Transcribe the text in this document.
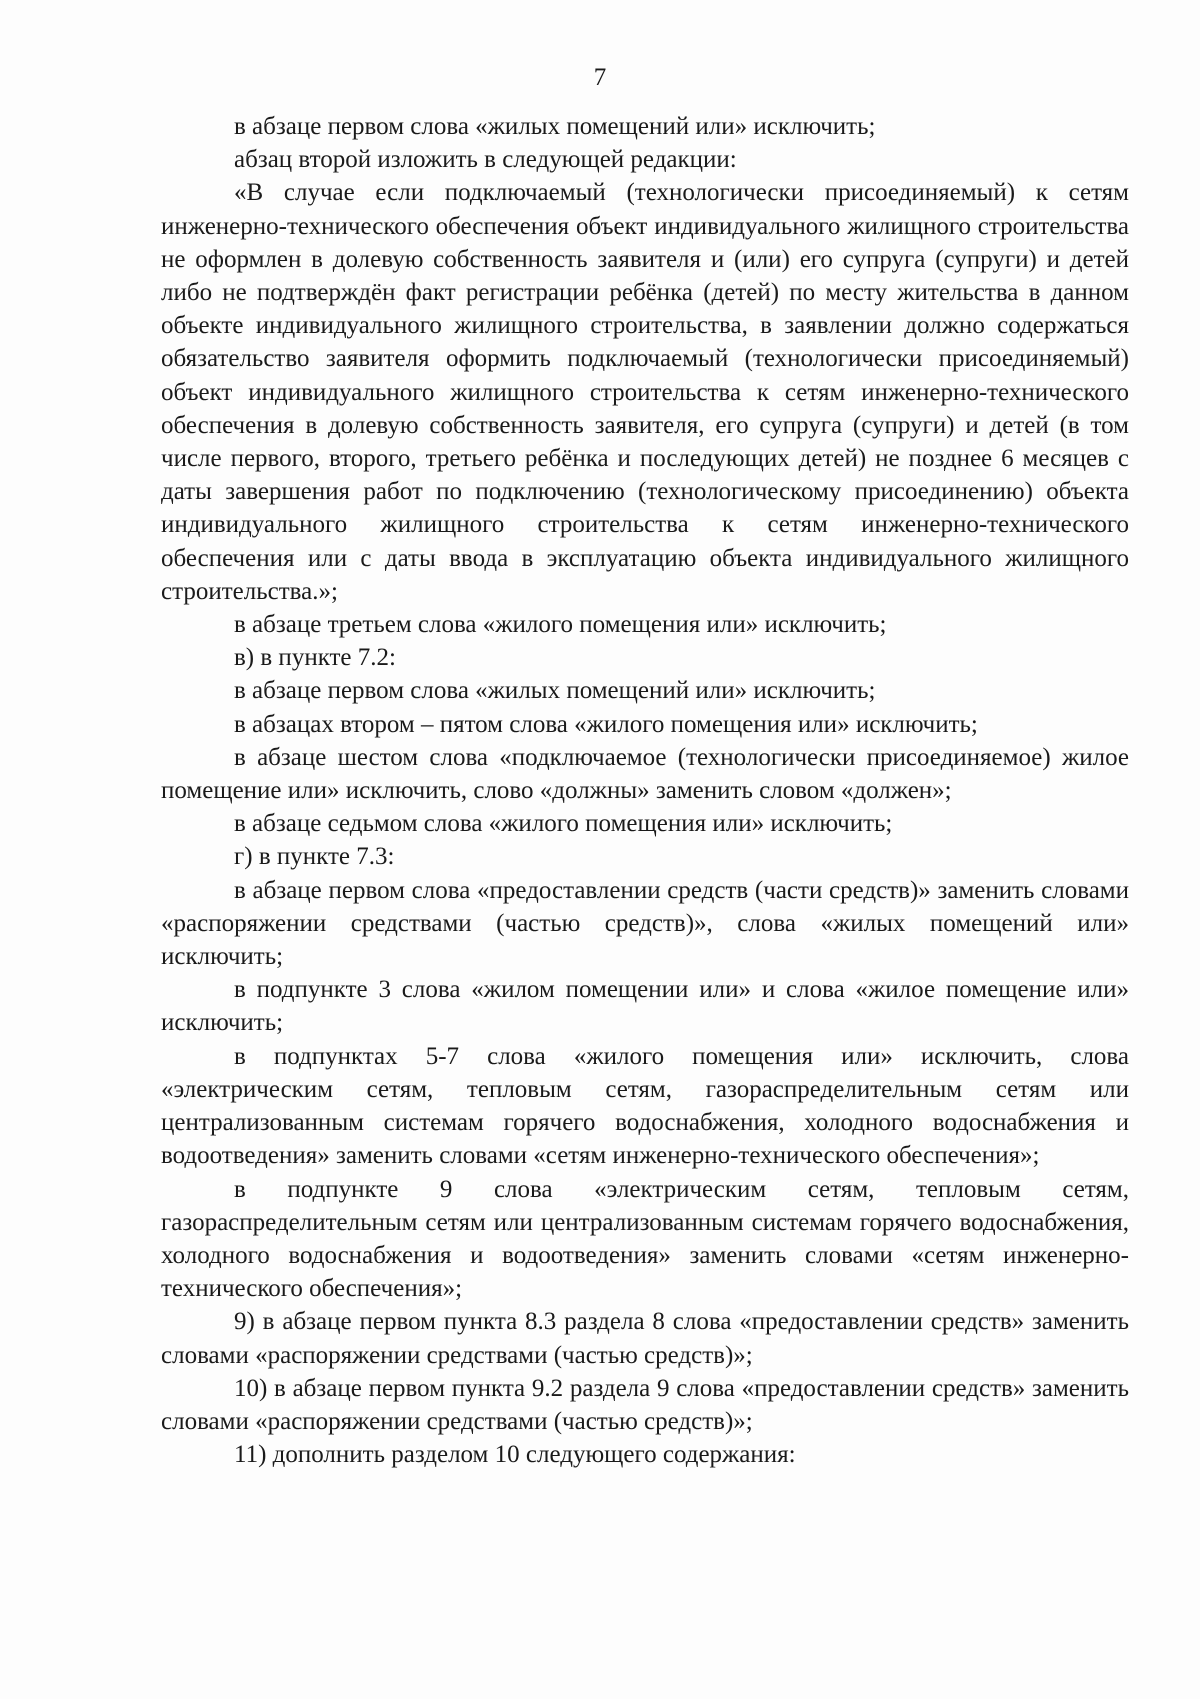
7

в абзаце первом слова «жилых помещений или» исключить;

абзац второй изложить в следующей редакции:

«В случае если подключаемый (технологически присоединяемый) к сетям инженерно-технического обеспечения объект индивидуального жилищного строительства не оформлен в долевую собственность заявителя и (или) его супруга (супруги) и детей либо не подтверждён факт регистрации ребёнка (детей) по месту жительства в данном объекте индивидуального жилищного строительства, в заявлении должно содержаться обязательство заявителя оформить подключаемый (технологически присоединяемый) объект индивидуального жилищного строительства к сетям инженерно-технического обеспечения в долевую собственность заявителя, его супруга (супруги) и детей (в том числе первого, второго, третьего ребёнка и последующих детей) не позднее 6 месяцев с даты завершения работ по подключению (технологическому присоединению) объекта индивидуального жилищного строительства к сетям инженерно-технического обеспечения или с даты ввода в эксплуатацию объекта индивидуального жилищного строительства.»;

в абзаце третьем слова «жилого помещения или» исключить;

в) в пункте 7.2:

в абзаце первом слова «жилых помещений или» исключить;

в абзацах втором – пятом слова «жилого помещения или» исключить;

в абзаце шестом слова «подключаемое (технологически присоединяемое) жилое помещение или» исключить, слово «должны» заменить словом «должен»;

в абзаце седьмом слова «жилого помещения или» исключить;

г) в пункте 7.3:

в абзаце первом слова «предоставлении средств (части средств)» заменить словами «распоряжении средствами (частью средств)», слова «жилых помещений или» исключить;

в подпункте 3 слова «жилом помещении или» и слова «жилое помещение или» исключить;

в подпунктах 5-7 слова «жилого помещения или» исключить, слова «электрическим сетям, тепловым сетям, газораспределительным сетям или централизованным системам горячего водоснабжения, холодного водоснабжения и водоотведения» заменить словами «сетям инженерно-технического обеспечения»;

в подпункте 9 слова «электрическим сетям, тепловым сетям, газораспределительным сетям или централизованным системам горячего водоснабжения, холодного водоснабжения и водоотведения» заменить словами «сетям инженерно-технического обеспечения»;

9) в абзаце первом пункта 8.3 раздела 8 слова «предоставлении средств» заменить словами «распоряжении средствами (частью средств)»;

10) в абзаце первом пункта 9.2 раздела 9 слова «предоставлении средств» заменить словами «распоряжении средствами (частью средств)»;

11) дополнить разделом 10 следующего содержания:
